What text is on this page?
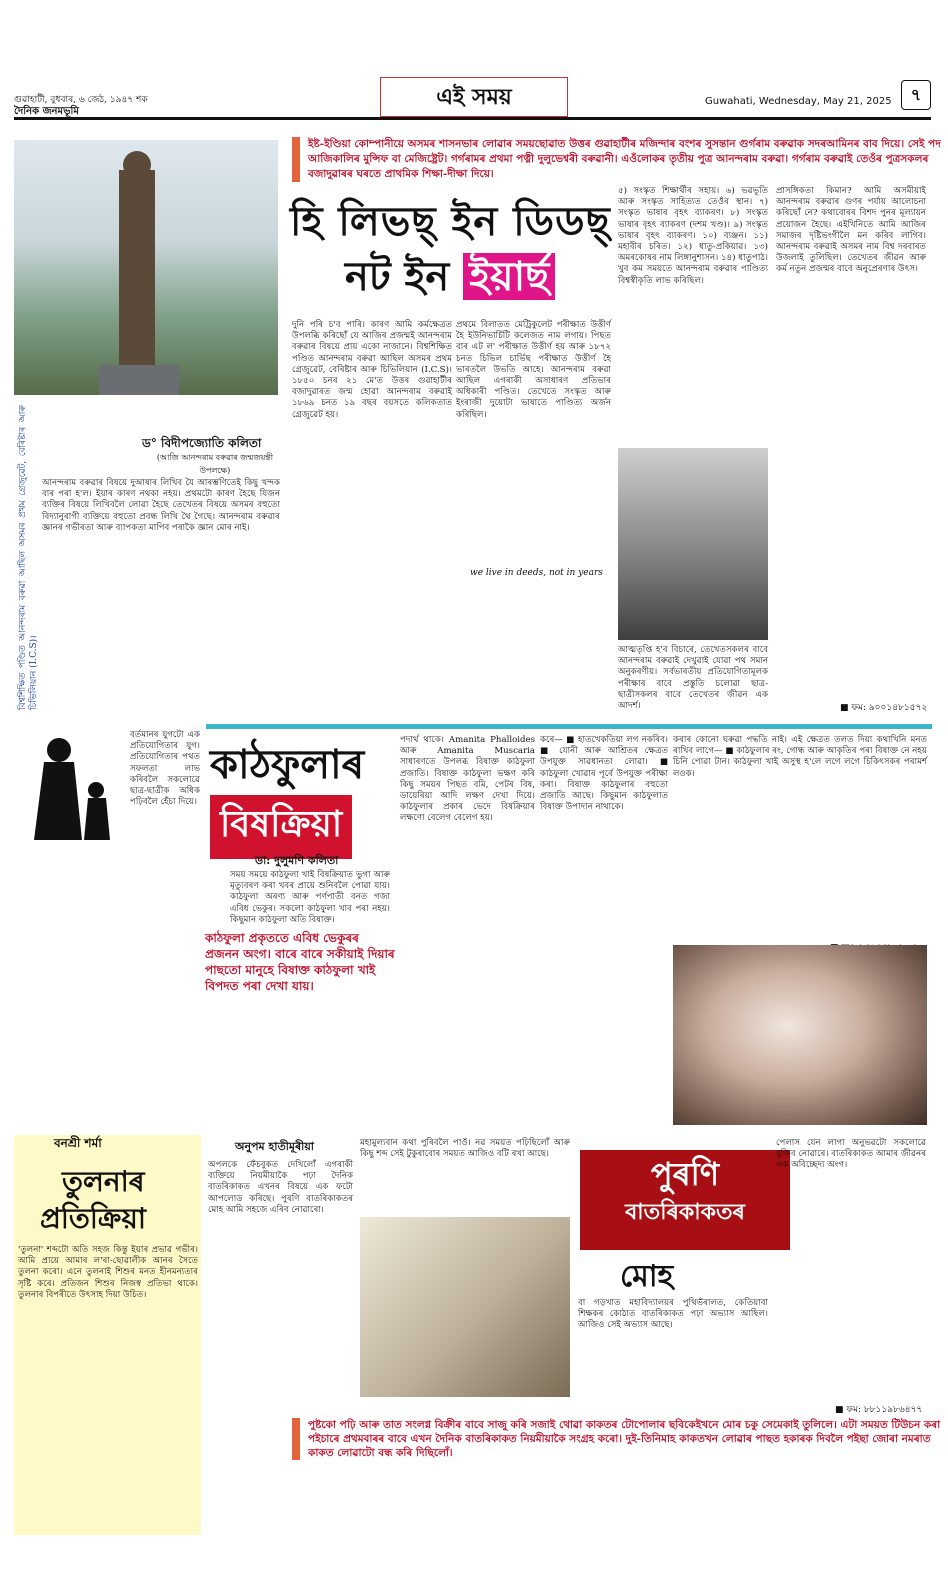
গুৱাহাটী, বুধবাৰ, ৬ জেঠ, ১৯৪৭ শক
দৈনিক জনমভূমি
এই সময়	Guwahati, Wednesday, May 21, 2025	৭
ইষ্ট-ইণ্ডিয়া কোম্পানীয়ে অসমৰ শাসনভাৰ লোৱাৰ সময়ছোৱাত উত্তৰ গুৱাহাটীৰ মজিন্দাৰ বংশৰ সুসন্তান গুৰ্গৰাম বৰুৱাক সদৰআমিনৰ বাব দিয়ে। সেই পদ আজিকালিৰ মুন্সিফ বা মেজিষ্ট্ৰেট। গৰ্গৰামৰ প্ৰথমা পত্নী দুলুভেশ্বৰী বৰুৱানী। এওঁলোকৰ তৃতীয় পুত্ৰ আনন্দৰাম বৰুৱা। গৰ্গৰাম বৰুৱাই তেওঁৰ পুত্ৰসকলৰ বজাদুৱাৰৰ ঘৰতে প্ৰাথমিক শিক্ষা-দীক্ষা দিয়ে।
হি লিভছ্ ইন ডিডছ্
নট ইন ইয়াৰ্ছ
বিশ্বশিক্ষিত পণ্ডিত আনন্দৰাম বৰুৱা আছিল অসমৰ প্ৰথম গ্ৰেজুৱেট, বেৰিষ্টাৰ আৰু চিভিলিয়ান (I.C.S)।
ড° বিদীপজ্যোতি কলিতা
(আজি আনন্দৰাম বৰুৱাৰ জন্মজয়ন্তী উপলক্ষে)
আনন্দৰাম বৰুৱাৰ বিষয়ে দুআষাৰ লিখিব যৈ আৰম্ভণিতেই কিছু খন্দক বাৰ পৰা হ'ল। ইয়াৰ কাৰণ নথকা নহয়। প্ৰথমটো কাৰণ হৈছে যিজন ব্যক্তিৰ বিষয়ে লিখিবলৈ লোৱা হৈছে তেখেতৰ বিষয়ে অসমৰ বহুতো বিদ্যানুৰাগী ব্যক্তিয়ে বহুতো প্ৰবন্ধ লিখি থৈ গৈছে। আনন্দৰাম বৰুৱাৰ জ্ঞানৰ গভীৰতা আৰু ব্যাপকতা মাপিব পৰাকৈ জ্ঞান মোৰ নাই।
দুনি পৰি চ'ব পাৰি। কাৰণ আমি কৰ্মক্ষেত্ৰত উপলব্ধি কৰিছোঁ যে আজিৰ প্ৰজন্মই আনন্দৰাম বৰুৱাৰ বিষয়ে প্ৰায় একো নাজানে। বিশ্বশিক্ষিত পণ্ডিত আনন্দৰাম বৰুৱা আছিল অসমৰ প্ৰথম গ্ৰেজুৱেট, বেৰিষ্টাৰ আৰু চিভিলিয়ান (I.C.S)। ১৮৫০ চনৰ ২১ মে'ত উত্তৰ গুৱাহাটীৰ বজাদুৱাৰত জন্ম হোৱা আনন্দৰাম বৰুৱাই ১৮৬৯ চনত ১৯ বছৰ বয়সতে কলিকতাত গ্ৰেজুৱেট হয়।
প্ৰথমে বিলাতত মেট্ৰিকুলেট পৰীক্ষাত উত্তীৰ্ণ হৈ ইউনিভাৰ্চিটি কলেজত নাম লগায়। পিছত বাৰ এট ল' পৰীক্ষাত উত্তীৰ্ণ হয় আৰু ১৮৭২ চনত চিভিল চাৰ্ভিছ পৰীক্ষাত উত্তীৰ্ণ হৈ ভাৰতলৈ উভতি আহে। আনন্দৰাম বৰুৱা আছিল এগৰাকী অসাধাৰণ প্ৰতিভাৰ অধিকাৰী পণ্ডিত। তেখেতে সংস্কৃত আৰু ইংৰাজী দুয়োটা ভাষাতে পাণ্ডিত্য অৰ্জন কৰিছিল।
we live in deeds, not in years
৫) সংস্কৃত শিক্ষাৰ্থীৰ সহায়। ৬) ভৱভূতি আৰু সংস্কৃত সাহিত্যত তেওঁৰ স্থান। ৭) সংস্কৃত ভাষাৰ বৃহৎ ব্যাকৰণ। ৮) সংস্কৃত ভাষাৰ বৃহৎ ব্যাকৰণ (দশম খণ্ড)। ৯) সংস্কৃত ভাষাৰ বৃহৎ ব্যাকৰণ। ১০) ব্যঞ্জন। ১১) মহাবীৰ চৰিত। ১২) ধাতু-প্ৰকিয়াৱ। ১৩) অমৰকোষৰ নাম লিঙ্গানুশাসন। ১৪) ধাতুপাঠ। খুব কম সময়তে আনন্দৰাম বৰুৱাৰ পাণ্ডিত্য বিশ্বস্বীকৃতি লাভ কৰিছিল।
আত্মতৃপ্তি হ'ব বিচাৰে, তেখেতসকলৰ বাবে আনন্দৰাম বৰুৱাই দেখুৱাই যোৱা পথ সমান অনুকৰণীয়। সৰ্বভাৰতীয় প্ৰতিযোগিতামূলক পৰীক্ষাৰ বাবে প্ৰস্তুতি চলোৱা ছাত্ৰ-ছাত্ৰীসকলৰ বাবে তেখেতৰ জীৱন এক আদৰ্শ।
প্ৰাসঙ্গিকতা কিমান? আমি অসমীয়াই আনন্দৰাম বৰুৱাৰ গুণৰ পৰ্যায় আলোচনা কৰিছোঁ নে? কথাবোৰৰ বিশদ পুনৰ মূল্যায়ন প্ৰয়োজন হৈছে। এইখিনিতে আমি আজিৰ সমাজৰ দৃষ্টিভংগীলৈ মন কৰিব লাগিব। আনন্দৰাম বৰুৱাই অসমৰ নাম বিশ্ব দৰবাৰত উজলাই তুলিছিল। তেখেতৰ জীৱন আৰু কৰ্ম নতুন প্ৰজন্মৰ বাবে অনুপ্ৰেৰণাৰ উৎস।
■ ফম: ৯০০১৪৮১৫৭২
বৰ্তমানৰ যুগটো এক প্ৰতিযোগিতাৰ যুগ। প্ৰতিযোগিতাৰ পথত সফলতা লাভ কৰিবলৈ সকলোৱে ছাত্ৰ-ছাত্ৰীক অধিক পঢ়িবলৈ হেঁচা দিয়ে।
বনশ্ৰী শৰ্মা
তুলনাৰ
প্ৰতিক্ৰিয়া
'তুলনা' শব্দটো অতি সহজ কিন্তু ইয়াৰ প্ৰভাৱ গভীৰ। আমি প্ৰায়ে আমাৰ ল'ৰা-ছোৱালীক আনৰ সৈতে তুলনা কৰো। এনে তুলনাই শিশুৰ মনত হীনমন্যতাৰ সৃষ্টি কৰে। প্ৰতিজন শিশুৰ নিজস্ব প্ৰতিভা থাকে। তুলনাৰ বিপৰীতে উৎসাহ দিয়া উচিত।
কাঠফুলাৰ
বিষক্ৰিয়া
ডা: দুলুমণি কলিতা
সময় সময়ে কাঠফুলা খাই বিষক্ৰিয়াত ভুগা আৰু মৃত্যুবৰণ কৰা খবৰ প্ৰায়ে শুনিবলৈ পোৱা যায়। কাঠফুলা অৰণ্য আৰু পৰ্ণপাতী বনত গজা এবিধ ভেকুৰ। সকলো কাঠফুলা খাব পৰা নহয়। কিছুমান কাঠফুলা অতি বিষাক্ত।
কাঠফুলা প্ৰকৃততে এবিধ ভেকুৰৰ প্ৰজনন অংগ। বাৰে বাৰে সকীয়াই দিয়াৰ পাছতো মানুহে বিষাক্ত কাঠফুলা খাই বিপদত পৰা দেখা যায়।
পদাৰ্থ থাকে। Amanita Phalloides আৰু Amanita Muscaria সাধাৰণতে উপলব্ধ বিষাক্ত কাঠফুলা প্ৰজাতি। বিষাক্ত কাঠফুলা ভক্ষণ কৰি কিছু সময়ৰ পিছত বমি, পেটৰ বিষ, ডায়েৰিয়া আদি লক্ষণ দেখা দিয়ে। কাঠফুলাৰ প্ৰকাৰ ভেদে বিষক্ৰিয়াৰ লক্ষণো বেলেগ বেলেগ হয়।
কৰে— ■ হাতখেকতিয়া লগ নকৰিব। ■ যোনী আৰু আশ্ৰিতৰ ক্ষেত্ৰত উপযুক্ত সাৱধানতা লোৱা। ■ কাঠফুলা খোৱাৰ পূৰ্বে উপযুক্ত পৰীক্ষা কৰা। বিষাক্ত কাঠফুলাৰ বহুতো প্ৰজাতি আছে। কিছুমান কাঠফুলাত বিষাক্ত উপাদান নাথাকে।
কৰাৰ কোনো ঘৰুৱা পদ্ধতি নাই। এই ক্ষেত্ৰত তলত দিয়া কথাখিনি মনত ৰাখিব লাগে— ■ কাঠফুলাৰ ৰং, গোন্ধ আৰু আকৃতিৰ পৰা বিষাক্ত নে নহয় চিনি পোৱা টান। কাঠফুলা খাই অসুস্থ হ'লে লগে লগে চিকিৎসকৰ পৰামৰ্শ লওক।
অনুপম হাতীমূৰীয়া
অপলকে ফেঁচবুকত দেখিলোঁ এগৰাকী ব্যক্তিয়ে নিয়মীয়াকৈ পঢ়া দৈনিক বাতৰিকাকত এখনৰ বিষয়ে এক ফটো আপলোড কৰিছে। পুৰণি বাতৰিকাকতৰ মোহ আমি সহজে এৰিব নোৱাৰো।
মহামুল্যবান কথা পুৰিবলৈ পাওঁ। নৱ সময়ত পঢ়িছিলোঁ আৰু কিছু শব্দ সেই টুকুৰাবোৰ সময়ত আজিও বটি ৰখা আছে।
পুৰণি
বাতৰিকাকতৰ
মোহ
বা গড়খাত মহাবিদ্যালয়ৰ পুথিভঁৰালত, কেতিয়াবা শিক্ষকৰ কোঠাত বাতৰিকাকত পঢ়া অভ্যাস আছিল। আজিও সেই অভ্যাস আছে।
পেলাস যেন লাগা অনুভৱটো সকলোৱে বুজিব নোৱাৰে। বাতৰিকাকত আমাৰ জীৱনৰ এক অবিচ্ছেদ্য অংগ।
■ ফম: ৮৮১১৯৮৬৪৭৭
পুষ্টকো পঢ়ি আৰু তাত সংলগ্ন বিক্ৰীৰ বাবে সাজু কৰি সজাই থোৱা কাকতৰ টোপোলাৰ ছবিকেইখনে মোৰ চকু সেমেকাই তুলিলে। এটা সময়ত টিউচন কৰা পইচাৰে প্ৰথমবাৰৰ বাবে এখন দৈনিক বাতৰিকাকত নিয়মীয়াকৈ সংগ্ৰহ কৰো। দুই-তিনিমাহ কাকতখন লোৱাৰ পাছত হকাৰক দিবলৈ পইছা জোৰা নমৰাত কাকত লোৱাটো বন্ধ কৰি দিছিলোঁ।
